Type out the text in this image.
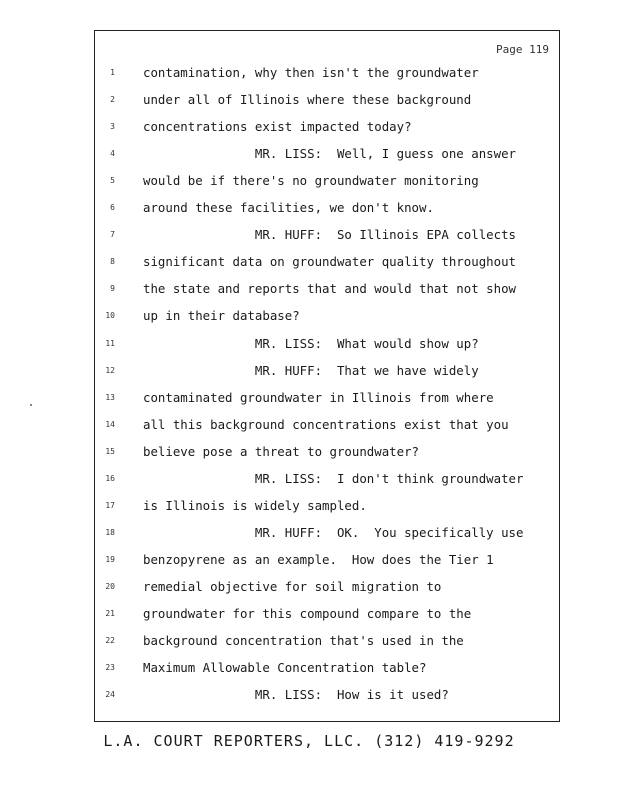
Page 119
1 contamination, why then isn't the groundwater
2 under all of Illinois where these background
3 concentrations exist impacted today?
4 MR. LISS:  Well, I guess one answer
5 would be if there's no groundwater monitoring
6 around these facilities, we don't know.
7 MR. HUFF:  So Illinois EPA collects
8 significant data on groundwater quality throughout
9 the state and reports that and would that not show
10 up in their database?
11 MR. LISS:  What would show up?
12 MR. HUFF:  That we have widely
13 contaminated groundwater in Illinois from where
14 all this background concentrations exist that you
15 believe pose a threat to groundwater?
16 MR. LISS:  I don't think groundwater
17 is Illinois is widely sampled.
18 MR. HUFF:  OK.  You specifically use
19 benzopyrene as an example.  How does the Tier 1
20 remedial objective for soil migration to
21 groundwater for this compound compare to the
22 background concentration that's used in the
23 Maximum Allowable Concentration table?
24 MR. LISS:  How is it used?
L.A. COURT REPORTERS, LLC. (312) 419-9292
